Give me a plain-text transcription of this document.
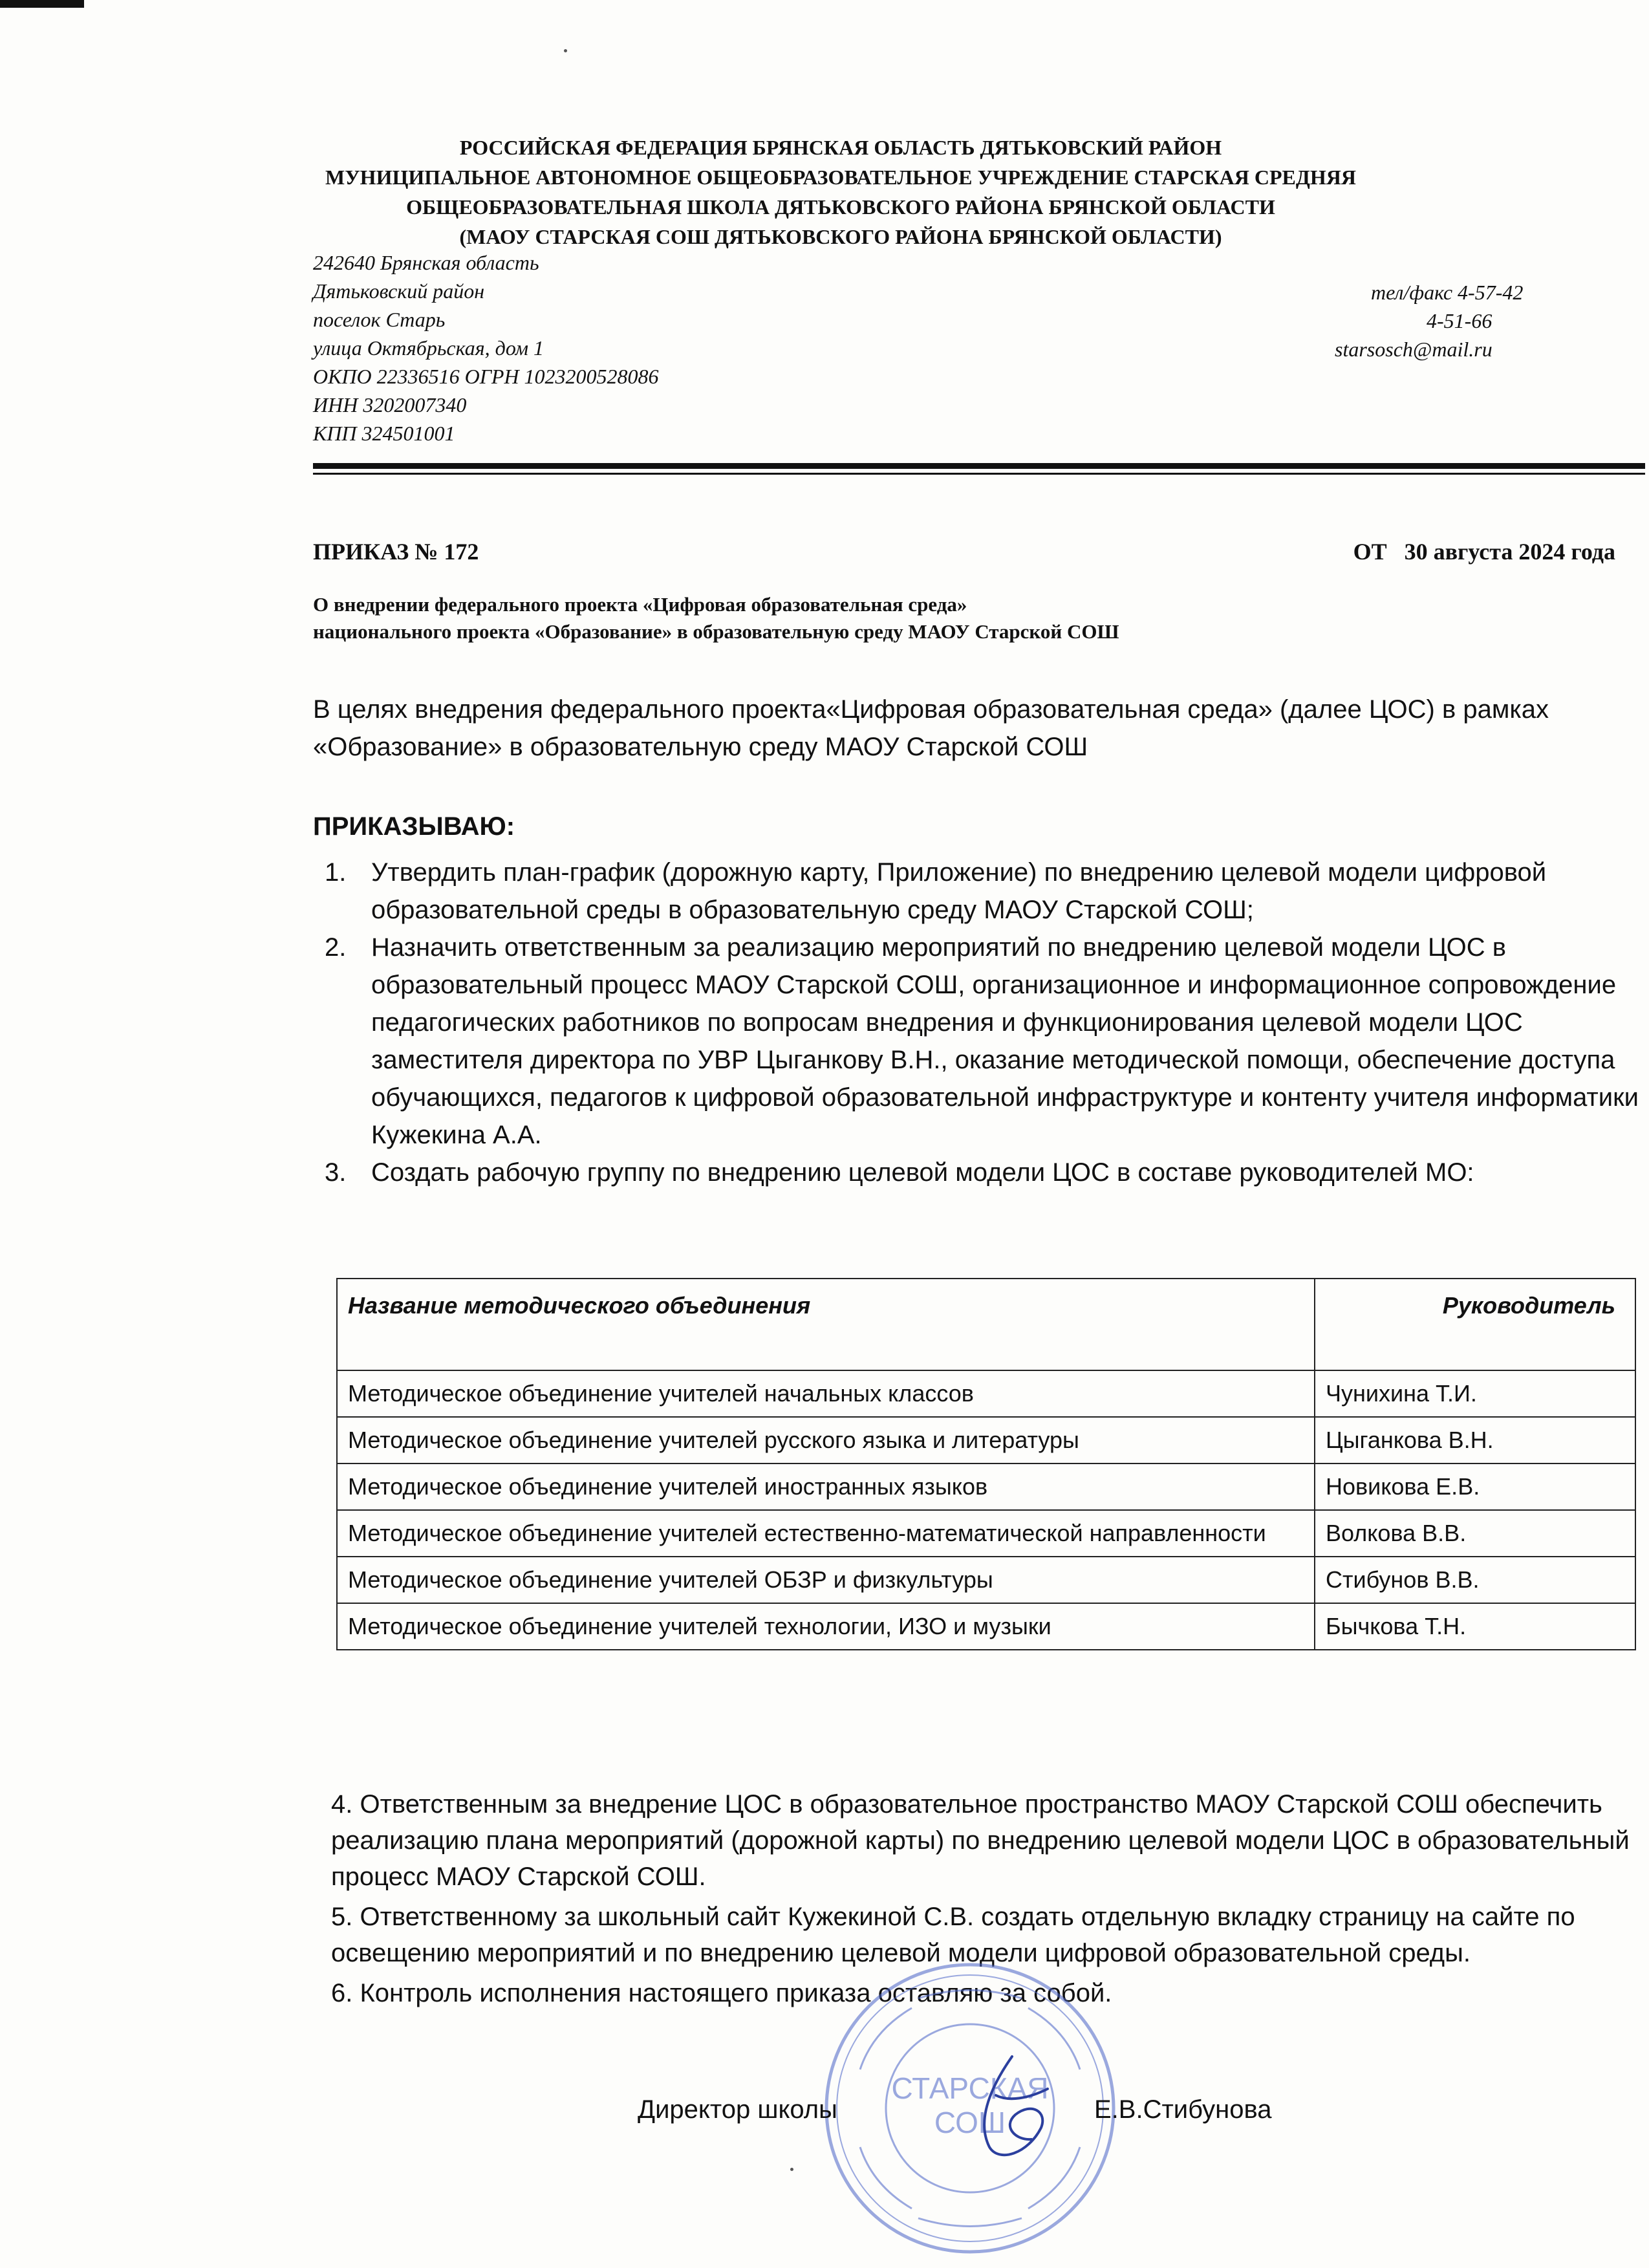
РОССИЙСКАЯ ФЕДЕРАЦИЯ БРЯНСКАЯ ОБЛАСТЬ ДЯТЬКОВСКИЙ РАЙОН
МУНИЦИПАЛЬНОЕ АВТОНОМНОЕ ОБЩЕОБРАЗОВАТЕЛЬНОЕ УЧРЕЖДЕНИЕ СТАРСКАЯ СРЕДНЯЯ
ОБЩЕОБРАЗОВАТЕЛЬНАЯ ШКОЛА ДЯТЬКОВСКОГО РАЙОНА БРЯНСКОЙ ОБЛАСТИ
(МАОУ СТАРСКАЯ СОШ ДЯТЬКОВСКОГО РАЙОНА БРЯНСКОЙ ОБЛАСТИ)
242640 Брянская область
Дятьковский район
поселок Старь
улица Октябрьская, дом 1
ОКПО 22336516 ОГРН 1023200528086
ИНН 3202007340
КПП 324501001
тел/факс 4-57-42
4-51-66
starsosch@mail.ru
ПРИКАЗ № 172	ОТ   30 августа 2024 года
О внедрении федерального проекта «Цифровая образовательная среда»
национального проекта «Образование» в образовательную среду МАОУ Старской СОШ
В целях внедрения федерального проекта«Цифровая образовательная среда» (далее ЦОС) в рамках «Образование» в образовательную среду МАОУ Старской СОШ
ПРИКАЗЫВАЮ:
1. Утвердить план-график (дорожную карту, Приложение) по внедрению целевой модели цифровой образовательной среды в образовательную среду МАОУ Старской СОШ;
2. Назначить ответственным за реализацию мероприятий по внедрению целевой модели ЦОС в образовательный процесс МАОУ Старской СОШ, организационное и информационное сопровождение педагогических работников по вопросам внедрения и функционирования целевой модели ЦОС заместителя директора по УВР Цыганкову В.Н., оказание методической помощи, обеспечение доступа обучающихся, педагогов к цифровой образовательной инфраструктуре и контенту учителя информатики Кужекина А.А.
3. Создать рабочую группу по внедрению целевой модели ЦОС в составе руководителей МО:
Название методического объединения	Руководитель
Методическое объединение учителей начальных классов	Чунихина Т.И.
Методическое объединение учителей русского языка и литературы	Цыганкова В.Н.
Методическое объединение учителей иностранных языков	Новикова Е.В.
Методическое объединение учителей естественно-математической направленности	Волкова В.В.
Методическое объединение учителей ОБЗР и физкультуры	Стибунов В.В.
Методическое объединение учителей технологии, ИЗО и музыки	Бычкова Т.Н.

4. Ответственным за внедрение ЦОС в образовательное пространство МАОУ Старской СОШ обеспечить реализацию плана мероприятий (дорожной карты) по внедрению целевой модели ЦОС в образовательный процесс МАОУ Старской СОШ.

5. Ответственному за школьный сайт Кужекиной С.В. создать отдельную вкладку страницу на сайте по освещению мероприятий и по внедрению целевой модели цифровой образовательной среды.

6. Контроль исполнения настоящего приказа оставляю за собой.

СТАРСКАЯ
СОШ
Директор школы	Е.В.Стибунова
